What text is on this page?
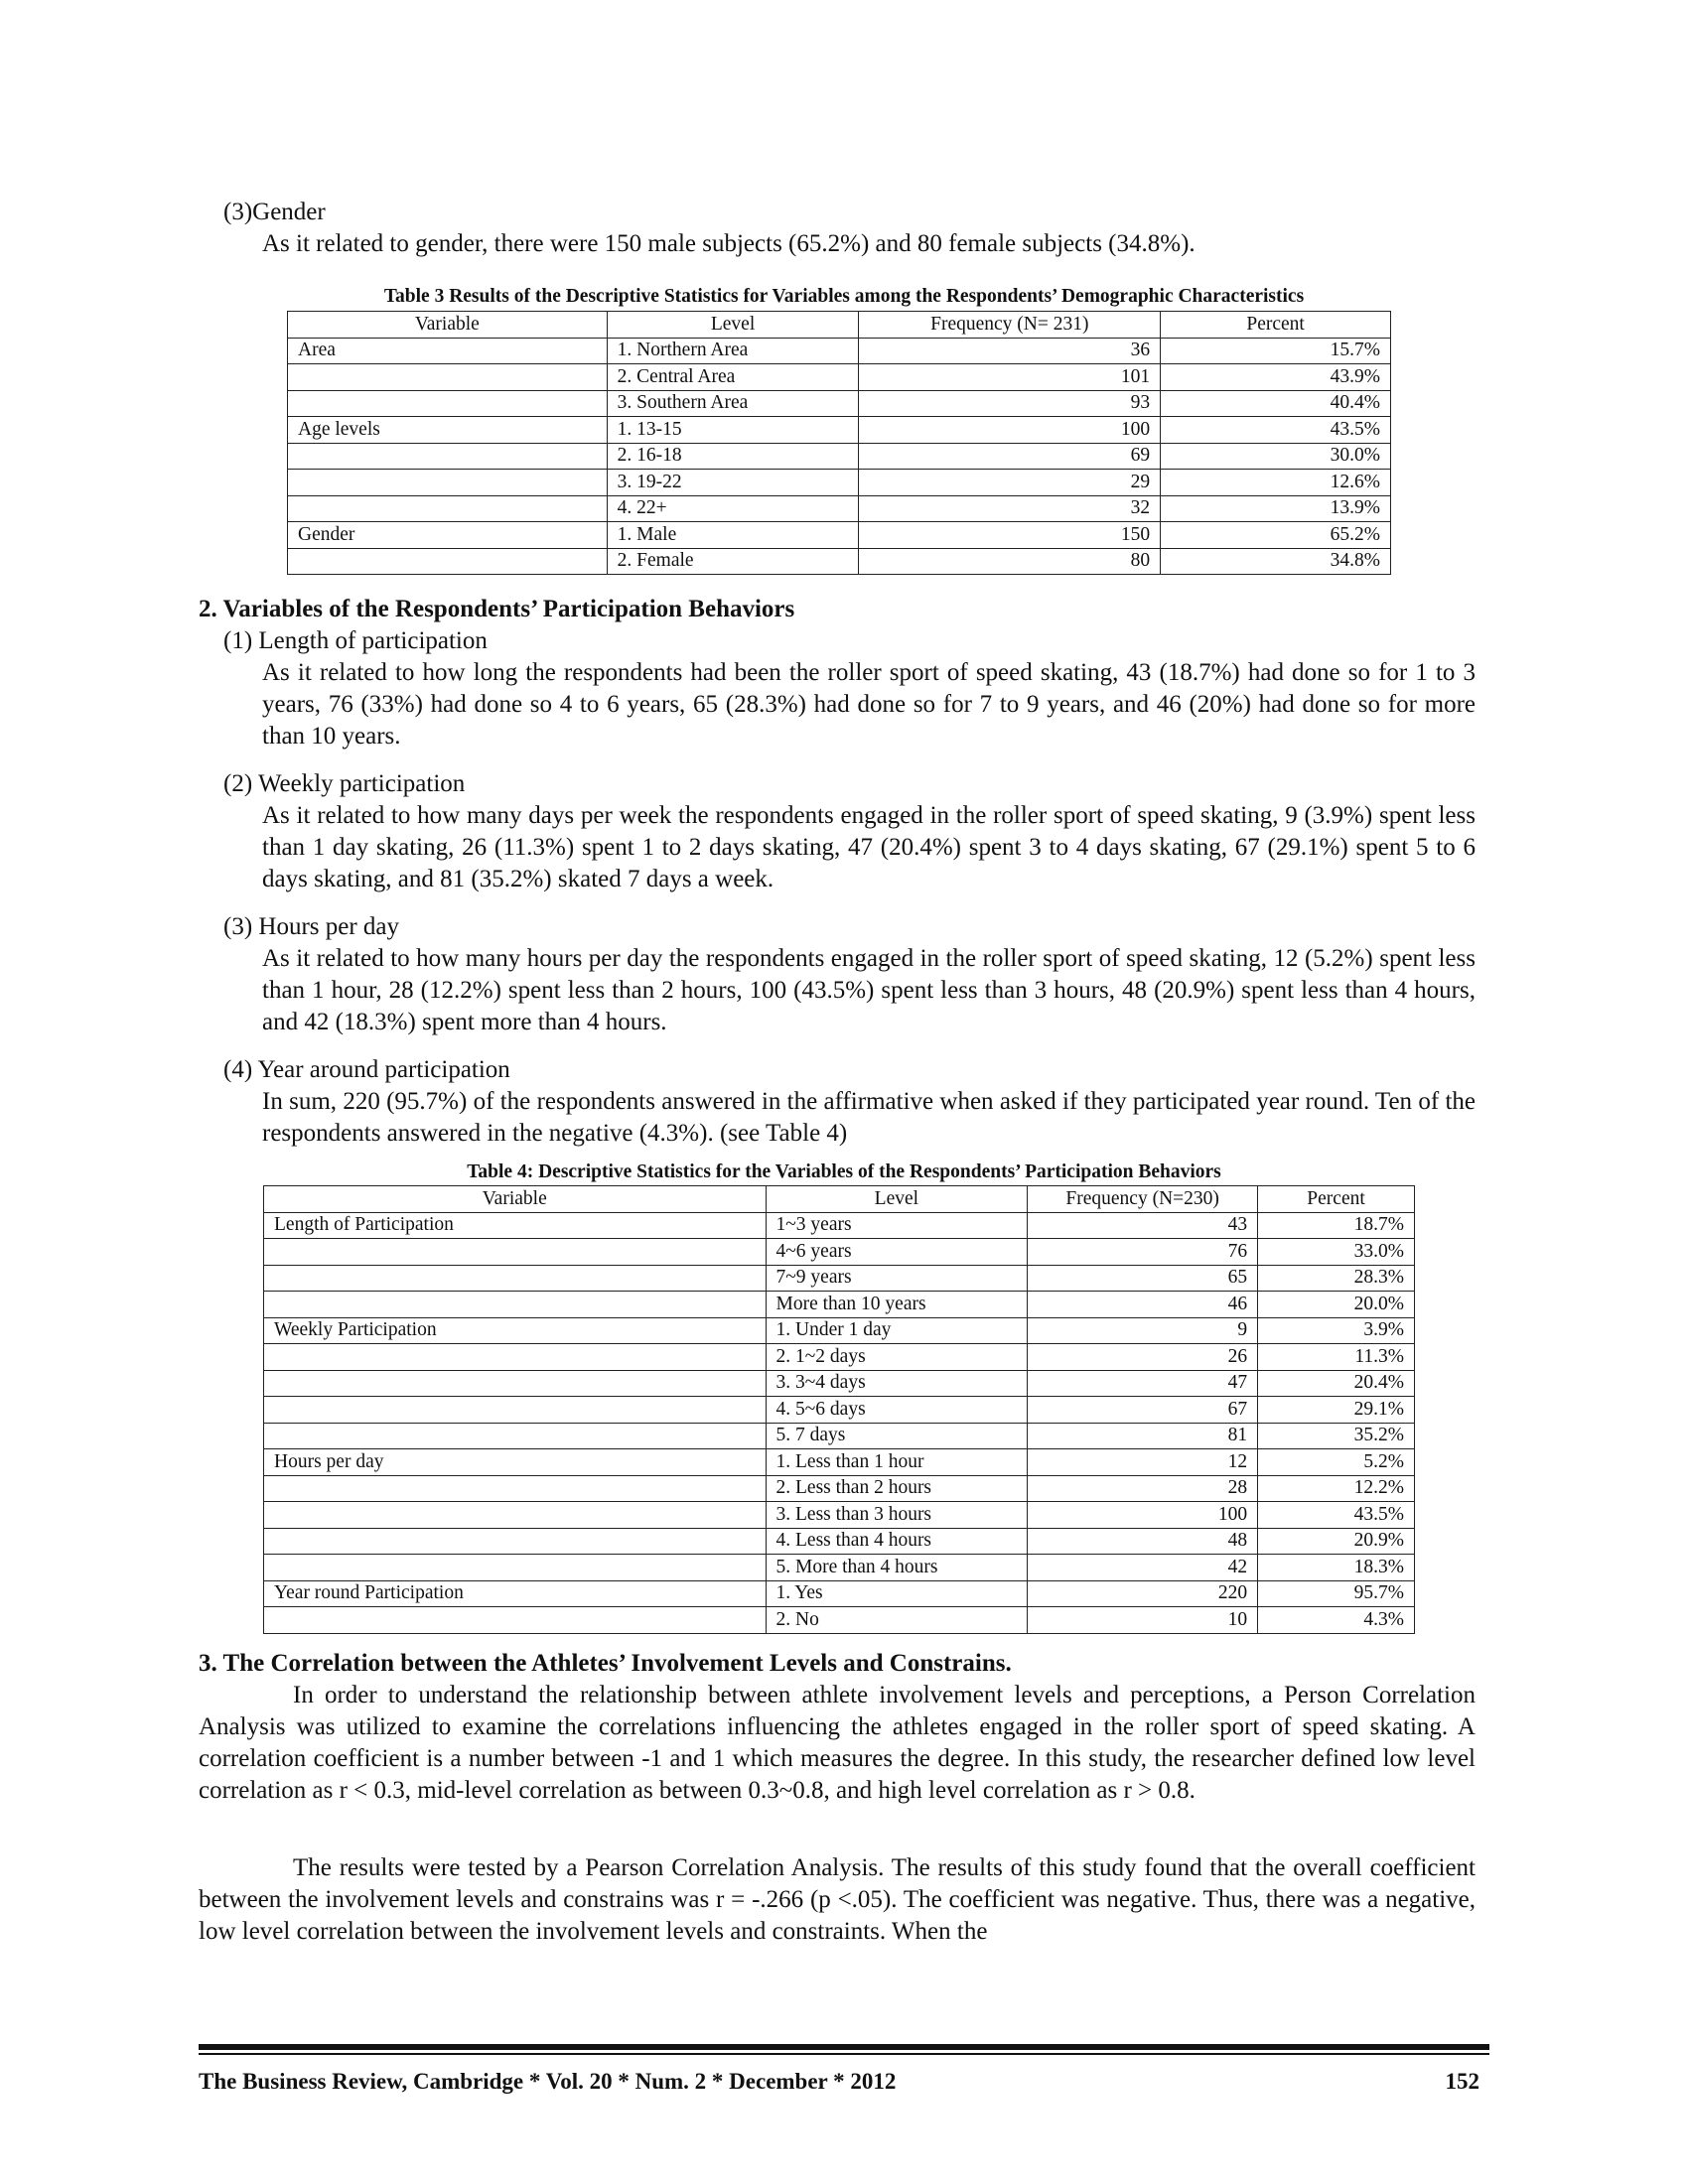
(3)Gender
As it related to gender, there were 150 male subjects (65.2%) and 80 female subjects (34.8%).
Table 3 Results of the Descriptive Statistics for Variables among the Respondents’ Demographic Characteristics
Variable	Level	Frequency (N= 231)	Percent
Area	1. Northern Area	36	15.7%
	2. Central Area	101	43.9%
	3. Southern Area	93	40.4%
Age levels	1. 13-15	100	43.5%
	2. 16-18	69	30.0%
	3. 19-22	29	12.6%
	4. 22+	32	13.9%
Gender	1. Male	150	65.2%
	2. Female	80	34.8%
2. Variables of the Respondents’ Participation Behaviors
(1) Length of participation
As it related to how long the respondents had been the roller sport of speed skating, 43 (18.7%) had done so for 1 to 3 years, 76 (33%) had done so 4 to 6 years, 65 (28.3%) had done so for 7 to 9 years, and 46 (20%) had done so for more than 10 years.
(2) Weekly participation
As it related to how many days per week the respondents engaged in the roller sport of speed skating, 9 (3.9%) spent less than 1 day skating, 26 (11.3%) spent 1 to 2 days skating, 47 (20.4%) spent 3 to 4 days skating, 67 (29.1%) spent 5 to 6 days skating, and 81 (35.2%) skated 7 days a week.
(3) Hours per day
As it related to how many hours per day the respondents engaged in the roller sport of speed skating, 12 (5.2%) spent less than 1 hour, 28 (12.2%) spent less than 2 hours, 100 (43.5%) spent less than 3 hours, 48 (20.9%) spent less than 4 hours, and 42 (18.3%) spent more than 4 hours.
(4) Year around participation
In sum, 220 (95.7%) of the respondents answered in the affirmative when asked if they participated year round. Ten of the respondents answered in the negative (4.3%). (see Table 4)
Table 4: Descriptive Statistics for the Variables of the Respondents’ Participation Behaviors
Variable	Level	Frequency (N=230)	Percent
Length of Participation	1~3 years	43	18.7%
	4~6 years	76	33.0%
	7~9 years	65	28.3%
	More than 10 years	46	20.0%
Weekly Participation	1. Under 1 day	9	3.9%
	2. 1~2 days	26	11.3%
	3. 3~4 days	47	20.4%
	4. 5~6 days	67	29.1%
	5. 7 days	81	35.2%
Hours per day	1. Less than 1 hour	12	5.2%
	2. Less than 2 hours	28	12.2%
	3. Less than 3 hours	100	43.5%
	4. Less than 4 hours	48	20.9%
	5. More than 4 hours	42	18.3%
Year round Participation	1. Yes	220	95.7%
	2. No	10	4.3%
3. The Correlation between the Athletes’ Involvement Levels and Constrains.
In order to understand the relationship between athlete involvement levels and perceptions, a Person Correlation Analysis was utilized to examine the correlations influencing the athletes engaged in the roller sport of speed skating. A correlation coefficient is a number between -1 and 1 which measures the degree. In this study, the researcher defined low level correlation as r < 0.3, mid-level correlation as between 0.3~0.8, and high level correlation as r > 0.8.
The results were tested by a Pearson Correlation Analysis. The results of this study found that the overall coefficient between the involvement levels and constrains was r = -.266 (p <.05). The coefficient was negative. Thus, there was a negative, low level correlation between the involvement levels and constraints. When the
The Business Review, Cambridge * Vol. 20 * Num. 2 * December * 2012	152
